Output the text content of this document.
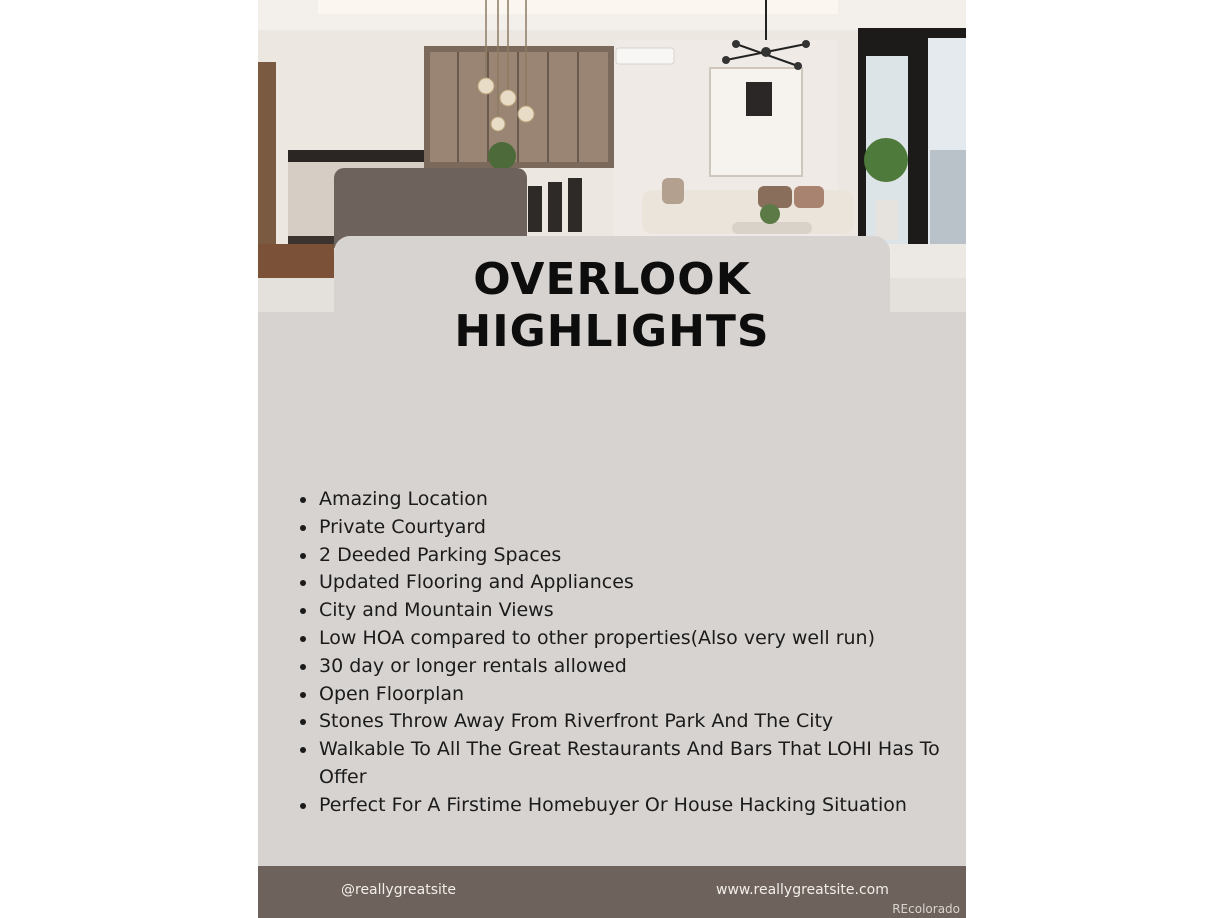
OVERLOOK
HIGHLIGHTS
Amazing Location
Private Courtyard
2 Deeded Parking Spaces
Updated Flooring and Appliances
City and Mountain Views
Low HOA compared to other properties(Also very well run)
30 day or longer rentals allowed
Open Floorplan
Stones Throw Away From Riverfront Park And The City
Walkable To All The Great Restaurants And Bars That LOHI Has To Offer
Perfect For A Firstime Homebuyer Or House Hacking Situation
@reallygreatsite	www.reallygreatsite.com
REcolorado
